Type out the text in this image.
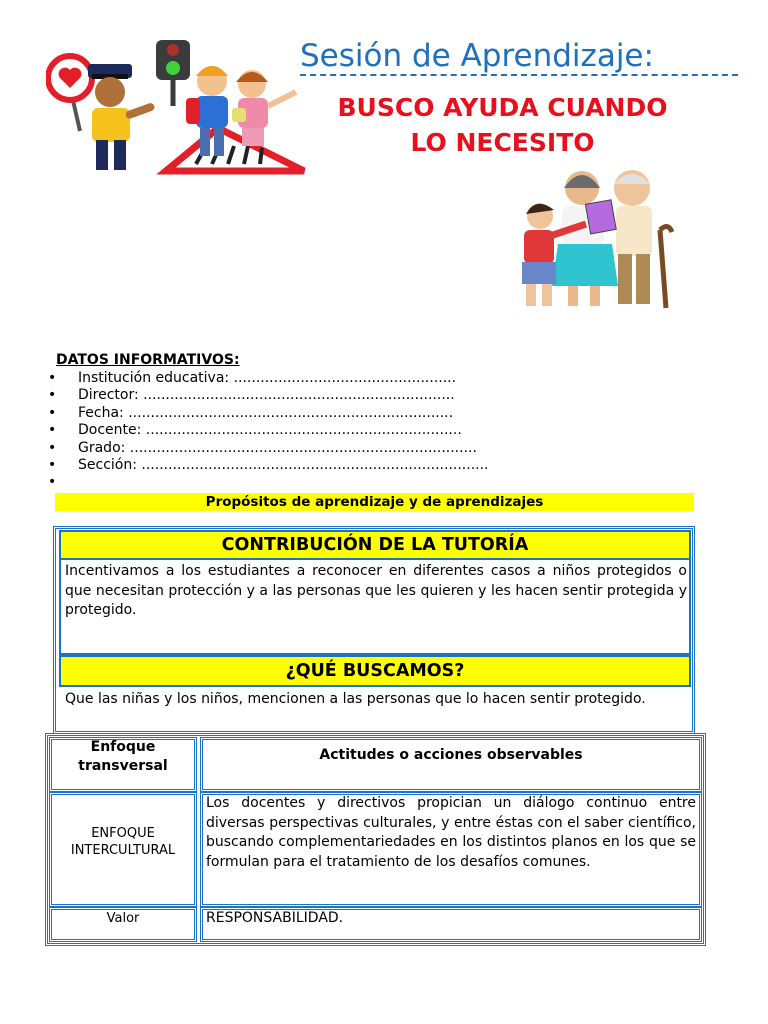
Sesión de Aprendizaje:
BUSCO AYUDA CUANDO
LO NECESITO
DATOS INFORMATIVOS:
• Institución educativa: ..................................................
• Director: ......................................................................
• Fecha: .........................................................................
• Docente: .......................................................................
• Grado: ..............................................................................
• Sección: ..............................................................................
•
Propósitos de aprendizaje y de aprendizajes
CONTRIBUCIÓN DE LA TUTORÍA
Incentivamos a los estudiantes a reconocer en diferentes casos a niños protegidos o que necesitan protección y a las personas que les quieren y les hacen sentir protegida y protegido.
¿QUÉ BUSCAMOS?
Que las niñas y los niños, mencionen a las personas que lo hacen sentir protegido.
Enfoque transversal
Actitudes o acciones observables
ENFOQUE INTERCULTURAL
Los docentes y directivos propician un diálogo continuo entre diversas perspectivas culturales, y entre éstas con el saber científico, buscando complementariedades en los distintos planos en los que se formulan para el tratamiento de los desafíos comunes.
Valor	RESPONSABILIDAD.
